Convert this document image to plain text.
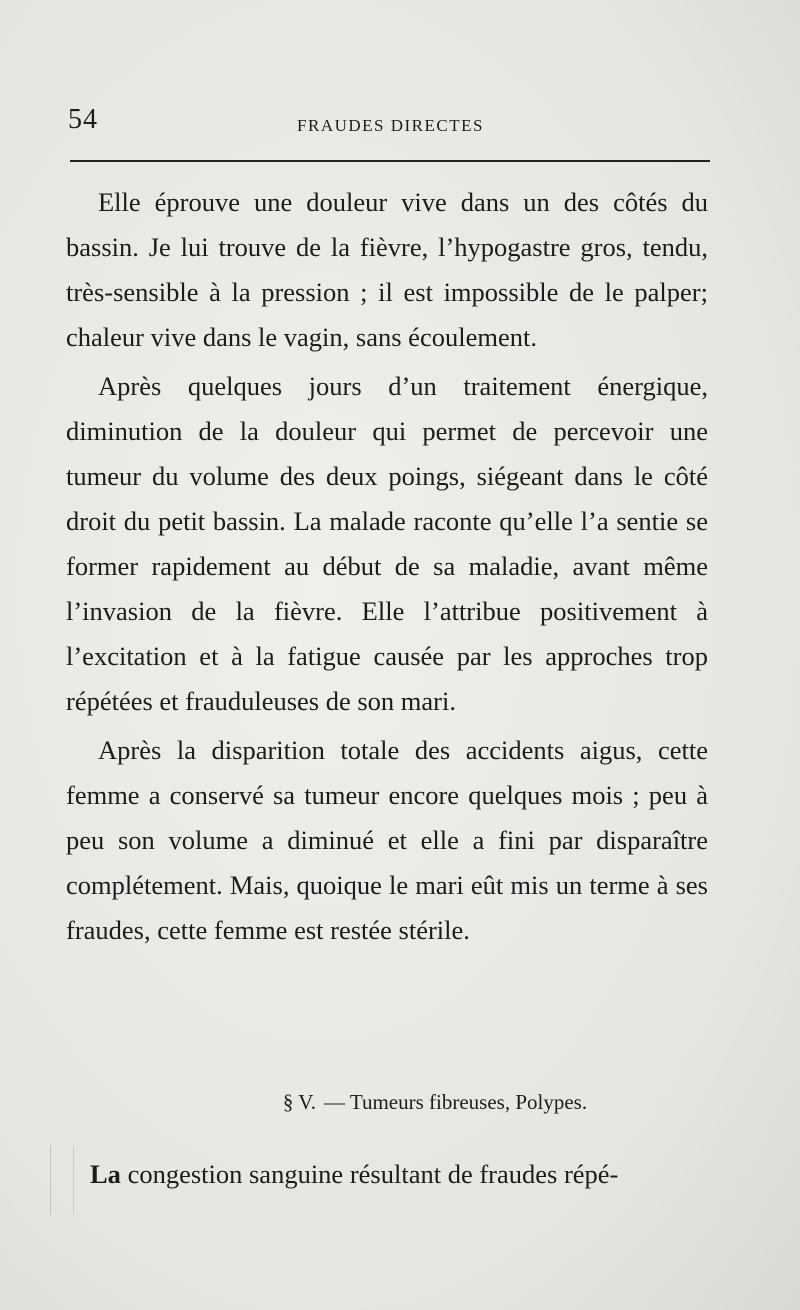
54	FRAUDES DIRECTES

Elle éprouve une douleur vive dans un des côtés du bassin. Je lui trouve de la fièvre, l’hypogastre gros, tendu, très-sensible à la pression ; il est impossible de le palper; chaleur vive dans le vagin, sans écoulement.

Après quelques jours d’un traitement énergique, diminution de la douleur qui permet de percevoir une tumeur du volume des deux poings, siégeant dans le côté droit du petit bassin. La malade raconte qu’elle l’a sentie se former rapidement au début de sa maladie, avant même l’invasion de la fièvre. Elle l’attribue positivement à l’excitation et à la fatigue causée par les approches trop répétées et frauduleuses de son mari.

Après la disparition totale des accidents aigus, cette femme a conservé sa tumeur encore quelques mois ; peu à peu son volume a diminué et elle a fini par disparaître complétement. Mais, quoique le mari eût mis un terme à ses fraudes, cette femme est restée stérile.

§ V. — Tumeurs fibreuses, Polypes.
La congestion sanguine résultant de fraudes répé-
